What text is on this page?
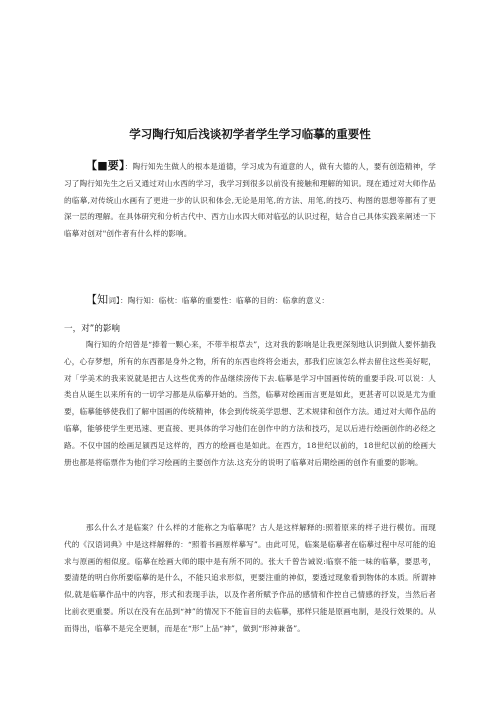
学习陶行知后浅谈初学者学生学习临摹的重要性

【■要】：陶行知先生做人的根本是道德，学习成为有道意的人，做有大德的人，要有创造精神，学习了陶行知先生之后又通过对山水西的学习，我学习到很多以前没有接触和理解的知识。现在通过对大师作品的临摹,对传统山水画有了更进一步的认识和体会,无论是用笔,的方法、用笔,的技巧、构图的思想等都有了更深一层的理解。在具体研究和分析古代中、西方山水四大师对临弘的认识过程，姑合自己具体实践来阐述一下临摹对创对"创作者有什么样的影响。

【知词】：陶行知：临枕：临摹的重要性：临摹的目的：临拿的意义：

一，对”的影响

陶行知的介绍曾是“捧着一颗心来，不带半根草去”，这对我的影响是让我更深刻地认识到做人要怀揣我心，心存梦想，所有的东西都是身外之物，所有的东西也终将会逝去，那我们应该怎么样去留住这些美好呢，对「学美术的我来说就是把古人这些优秀的作品继续滂传下去.临摹是学习中国画传统的重要手段.可以说：人类自从诞生以来所有的一切学习都是从临摹开始的。当然，临摹对绘画而言更是如此，更甚者可以说是尤为重要，临摹能够使我们了解中国画的传统精神，体会到传统美学思想、艺术规律和创作方法。通过对大师作品的临摹，能够使学生更迅速、更直接、更具体的学习他们在创作中的方法和技巧，足以后进行绘画创作的必经之路。不仅中国的绘画足颍西足这样的，西方的绘画也是如此。在西方，18世纪以前的，18世纪以前的绘画大册也都是将临票作为他们学习绘画的主要创作方法.这充分的说明了临摹对后期绘画的创作有重要的影响。

那么什么才是临案？什么样的才能称之为临摹呢？古人是这样解释的:照着原来的样子进行模仿。而现代的《汉语词典》中是这样解释的：“照着书画原样摹写”。由此可见，临案是临摹者在临摹过程中尽可能的追求与原画的相似度。临摹在绘画大师的眼中是有所不同的。张大千曾告诫说:临察不能一味的临摹，要思考，要清楚的明白你所要临摹的是什么，不能只追求形似，更要注重的神似，要透过现象看到物体的本质。所谓神似,就是临摹作品中的内容，形式和表现手法，以及作者所赋予作品的感情和作控自己情感的抒发，当然后者比前衣更重要。所以在没有在品到“神”的情况下不能盲目的去临摹，那样只能是原画电制，是没行效果的。从而得出，临摹不是完全更制，而是在“形”上品“神”，做到“形神兼备”。
